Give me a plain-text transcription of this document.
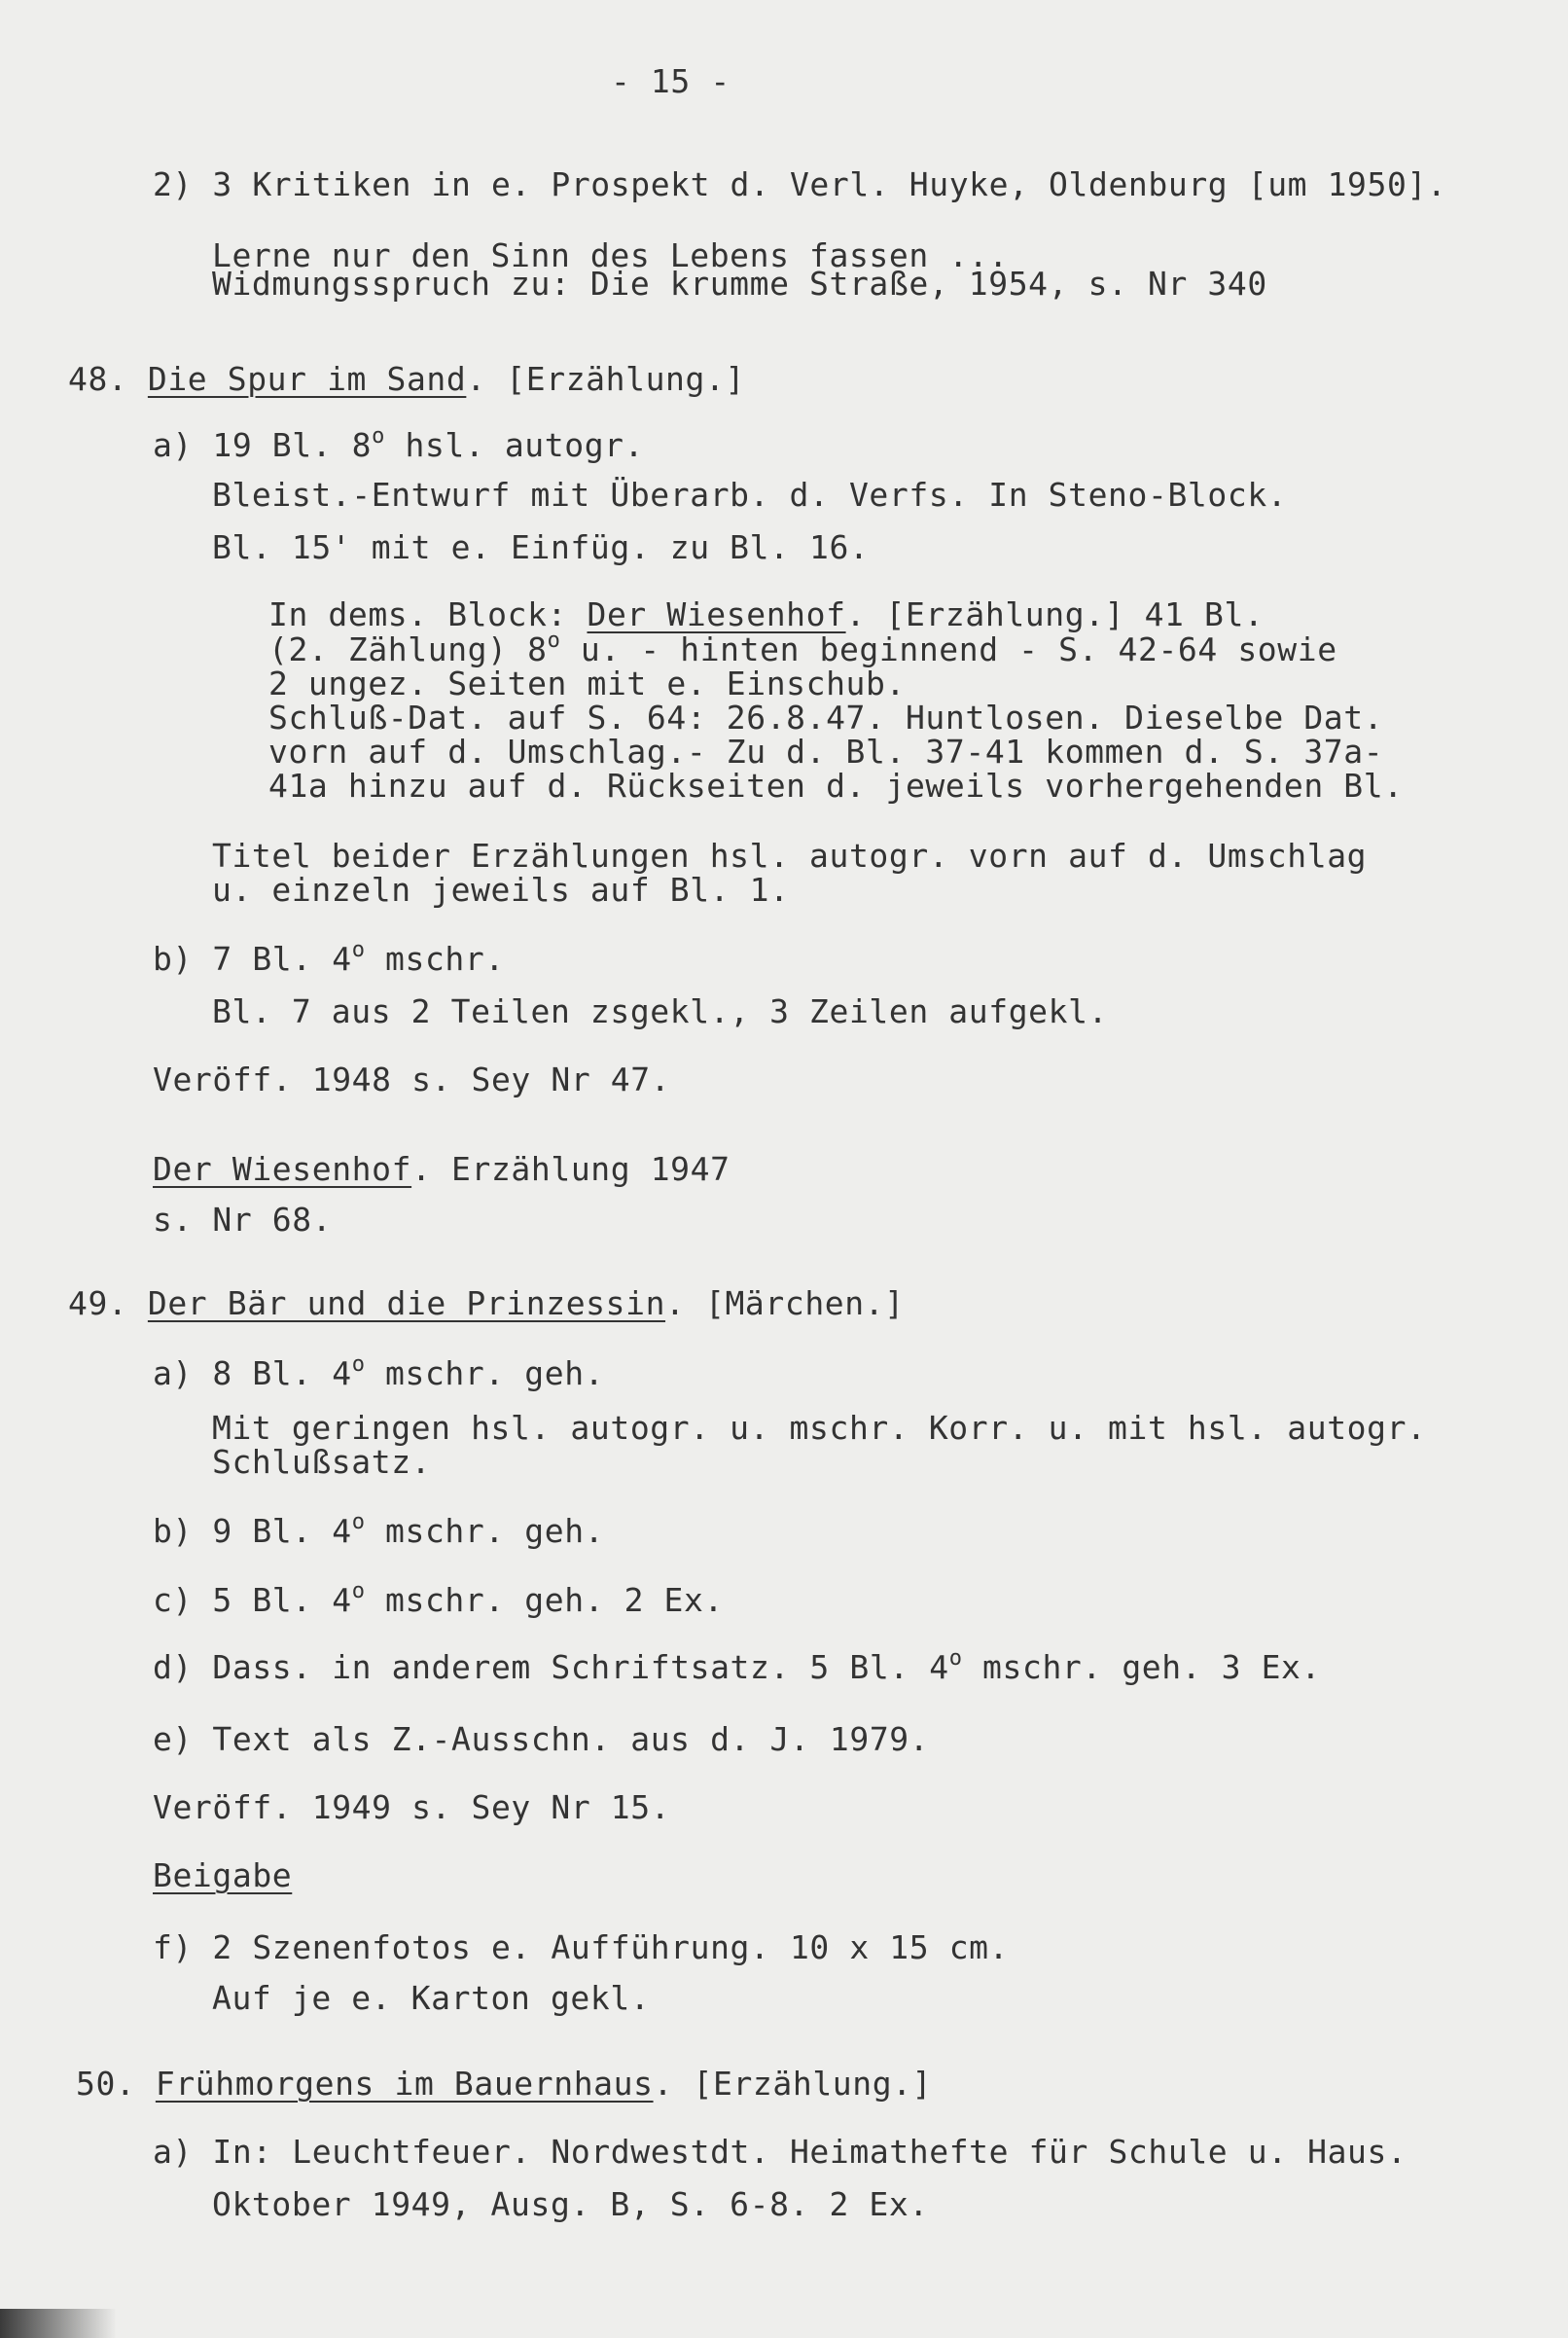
- 15 -

2) 3 Kritiken in e. Prospekt d. Verl. Huyke, Oldenburg [um 1950].

Lerne nur den Sinn des Lebens fassen ...

Widmungsspruch zu: Die krumme Straße, 1954, s. Nr 340

48. Die Spur im Sand. [Erzählung.]

a) 19 Bl. 8$^o$ hsl. autogr.

Bleist.-Entwurf mit Überarb. d. Verfs. In Steno-Block.

Bl. 15' mit e. Einfüg. zu Bl. 16.

In dems. Block: Der Wiesenhof. [Erzählung.] 41 Bl.

(2. Zählung) 8$^o$ u. - hinten beginnend - S. 42-64 sowie

2 ungez. Seiten mit e. Einschub.

Schluß-Dat. auf S. 64: 26.8.47. Huntlosen. Dieselbe Dat.

vorn auf d. Umschlag.- Zu d. Bl. 37-41 kommen d. S. 37a-

41a hinzu auf d. Rückseiten d. jeweils vorhergehenden Bl.

Titel beider Erzählungen hsl. autogr. vorn auf d. Umschlag

u. einzeln jeweils auf Bl. 1.

b) 7 Bl. 4$^o$ mschr.

Bl. 7 aus 2 Teilen zsgekl., 3 Zeilen aufgekl.

Veröff. 1948 s. Sey Nr 47.

Der Wiesenhof. Erzählung 1947

s. Nr 68.

49. Der Bär und die Prinzessin. [Märchen.]

a) 8 Bl. 4$^o$ mschr. geh.

Mit geringen hsl. autogr. u. mschr. Korr. u. mit hsl. autogr.

Schlußsatz.

b) 9 Bl. 4$^o$ mschr. geh.

c) 5 Bl. 4$^o$ mschr. geh. 2 Ex.

d) Dass. in anderem Schriftsatz. 5 Bl. 4$^o$ mschr. geh. 3 Ex.

e) Text als Z.-Ausschn. aus d. J. 1979.

Veröff. 1949 s. Sey Nr 15.

Beigabe

f) 2 Szenenfotos e. Aufführung. 10 x 15 cm.

Auf je e. Karton gekl.

50. Frühmorgens im Bauernhaus. [Erzählung.]

a) In: Leuchtfeuer. Nordwestdt. Heimathefte für Schule u. Haus.

Oktober 1949, Ausg. B, S. 6-8. 2 Ex.
